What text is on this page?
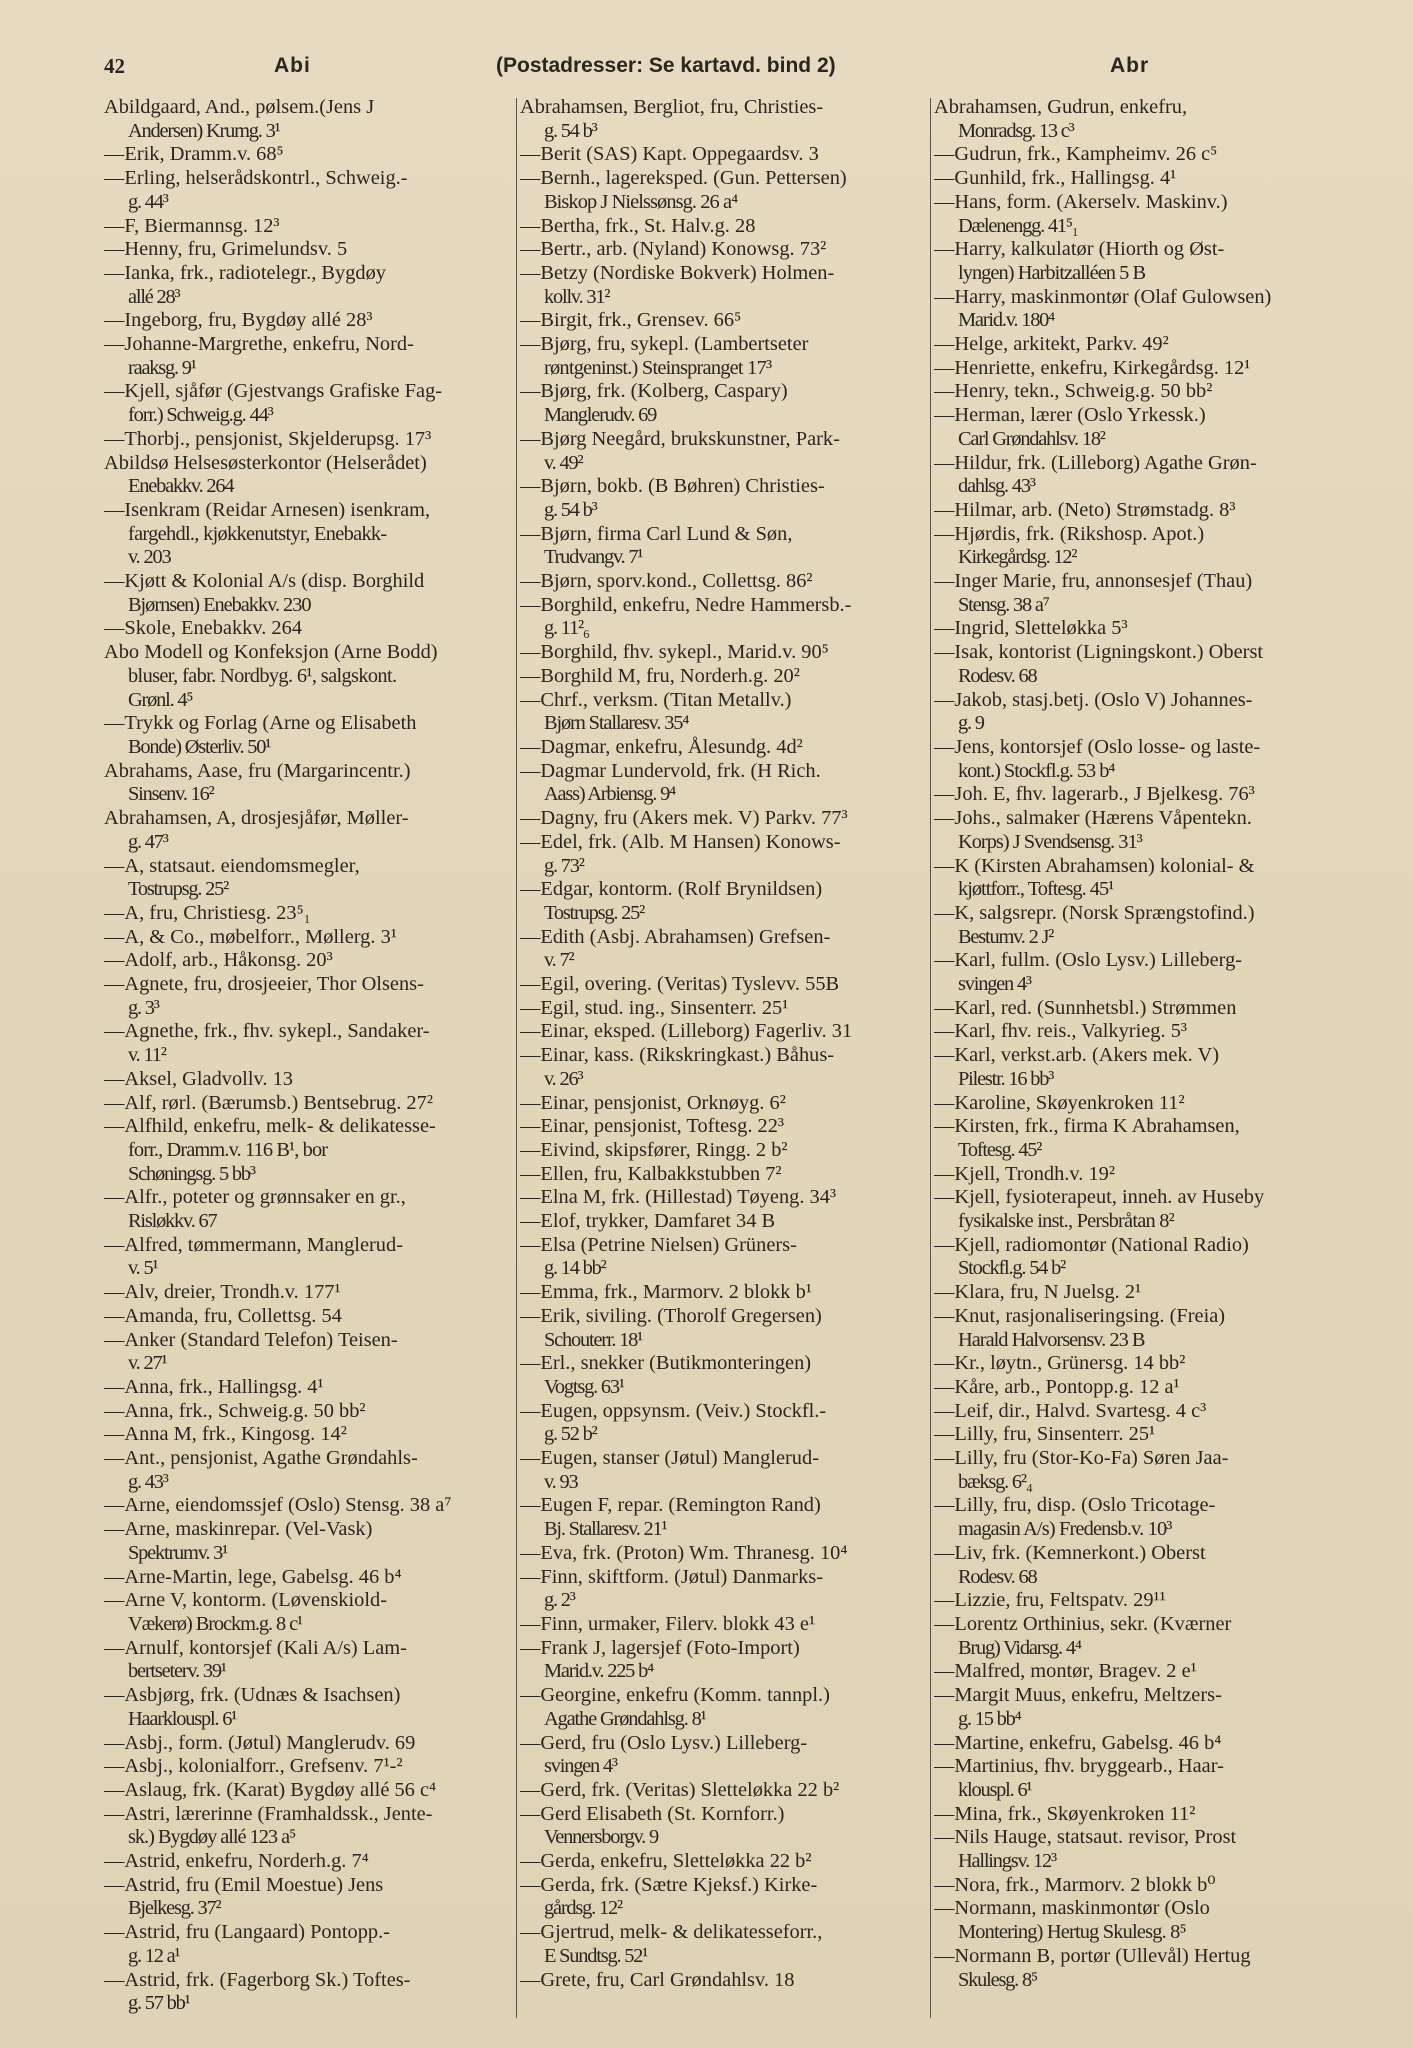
42	Abi	(Postadresser: Se kartavd. bind 2)	Abr
Abildgaard, And., pølsem.(Jens J
Andersen) Krumg. 3¹
—Erik, Dramm.v. 68⁵
—Erling, helserådskontrl., Schweig.-
g. 44³
—F, Biermannsg. 12³
—Henny, fru, Grimelundsv. 5
—Ianka, frk., radiotelegr., Bygdøy
allé 28³
—Ingeborg, fru, Bygdøy allé 28³
—Johanne-Margrethe, enkefru, Nord-
raaksg. 9¹
—Kjell, sjåfør (Gjestvangs Grafiske Fag-
forr.) Schweig.g. 44³
—Thorbj., pensjonist, Skjelderupsg. 17³
Abildsø Helsesøsterkontor (Helserådet)
Enebakkv. 264
—Isenkram (Reidar Arnesen) isenkram,
fargehdl., kjøkkenutstyr, Enebakk-
v. 203
—Kjøtt & Kolonial A/s (disp. Borghild
Bjørnsen) Enebakkv. 230
—Skole, Enebakkv. 264
Abo Modell og Konfeksjon (Arne Bodd)
bluser, fabr. Nordbyg. 6¹, salgskont.
Grønl. 4⁵
—Trykk og Forlag (Arne og Elisabeth
Bonde) Østerliv. 50¹
Abrahams, Aase, fru (Margarincentr.)
Sinsenv. 16²
Abrahamsen, A, drosjesjåfør, Møller-
g. 47³
—A, statsaut. eiendomsmegler,
Tostrupsg. 25²
—A, fru, Christiesg. 23⁵₁
—A, & Co., møbelforr., Møllerg. 3¹
—Adolf, arb., Håkonsg. 20³
—Agnete, fru, drosjeeier, Thor Olsens-
g. 3³
—Agnethe, frk., fhv. sykepl., Sandaker-
v. 11²
—Aksel, Gladvollv. 13
—Alf, rørl. (Bærumsb.) Bentsebrug. 27²
—Alfhild, enkefru, melk- & delikatesse-
forr., Dramm.v. 116 B¹, bor
Schøningsg. 5 bb³
—Alfr., poteter og grønnsaker en gr.,
Risløkkv. 67
—Alfred, tømmermann, Manglerud-
v. 5¹
—Alv, dreier, Trondh.v. 177¹
—Amanda, fru, Collettsg. 54
—Anker (Standard Telefon) Teisen-
v. 27¹
—Anna, frk., Hallingsg. 4¹
—Anna, frk., Schweig.g. 50 bb²
—Anna M, frk., Kingosg. 14²
—Ant., pensjonist, Agathe Grøndahls-
g. 43³
—Arne, eiendomssjef (Oslo) Stensg. 38 a⁷
—Arne, maskinrepar. (Vel-Vask)
Spektrumv. 3¹
—Arne-Martin, lege, Gabelsg. 46 b⁴
—Arne V, kontorm. (Løvenskiold-
Vækerø) Brockm.g. 8 c¹
—Arnulf, kontorsjef (Kali A/s) Lam-
bertseterv. 39¹
—Asbjørg, frk. (Udnæs & Isachsen)
Haarklouspl. 6¹
—Asbj., form. (Jøtul) Manglerudv. 69
—Asbj., kolonialforr., Grefsenv. 7¹-²
—Aslaug, frk. (Karat) Bygdøy allé 56 c⁴
—Astri, lærerinne (Framhaldssk., Jente-
sk.) Bygdøy allé 123 a⁵
—Astrid, enkefru, Norderh.g. 7⁴
—Astrid, fru (Emil Moestue) Jens
Bjelkesg. 37²
—Astrid, fru (Langaard) Pontopp.-
g. 12 a¹
—Astrid, frk. (Fagerborg Sk.) Toftes-
g. 57 bb¹
Abrahamsen, Bergliot, fru, Christies-
g. 54 b³
—Berit (SAS) Kapt. Oppegaardsv. 3
—Bernh., lagereksped. (Gun. Pettersen)
Biskop J Nielssønsg. 26 a⁴
—Bertha, frk., St. Halv.g. 28
—Bertr., arb. (Nyland) Konowsg. 73²
—Betzy (Nordiske Bokverk) Holmen-
kollv. 31²
—Birgit, frk., Grensev. 66⁵
—Bjørg, fru, sykepl. (Lambertseter
røntgeninst.) Steinspranget 17³
—Bjørg, frk. (Kolberg, Caspary)
Manglerudv. 69
—Bjørg Neegård, brukskunstner, Park-
v. 49²
—Bjørn, bokb. (B Bøhren) Christies-
g. 54 b³
—Bjørn, firma Carl Lund & Søn,
Trudvangv. 7¹
—Bjørn, sporv.kond., Collettsg. 86²
—Borghild, enkefru, Nedre Hammersb.-
g. 11²₆
—Borghild, fhv. sykepl., Marid.v. 90⁵
—Borghild M, fru, Norderh.g. 20²
—Chrf., verksm. (Titan Metallv.)
Bjørn Stallaresv. 35⁴
—Dagmar, enkefru, Ålesundg. 4d²
—Dagmar Lundervold, frk. (H Rich.
Aass) Arbiensg. 9⁴
—Dagny, fru (Akers mek. V) Parkv. 77³
—Edel, frk. (Alb. M Hansen) Konows-
g. 73²
—Edgar, kontorm. (Rolf Brynildsen)
Tostrupsg. 25²
—Edith (Asbj. Abrahamsen) Grefsen-
v. 7²
—Egil, overing. (Veritas) Tyslevv. 55B
—Egil, stud. ing., Sinsenterr. 25¹
—Einar, eksped. (Lilleborg) Fagerliv. 31
—Einar, kass. (Rikskringkast.) Båhus-
v. 26³
—Einar, pensjonist, Orknøyg. 6²
—Einar, pensjonist, Toftesg. 22³
—Eivind, skipsfører, Ringg. 2 b²
—Ellen, fru, Kalbakkstubben 7²
—Elna M, frk. (Hillestad) Tøyeng. 34³
—Elof, trykker, Damfaret 34 B
—Elsa (Petrine Nielsen) Grüners-
g. 14 bb²
—Emma, frk., Marmorv. 2 blokk b¹
—Erik, siviling. (Thorolf Gregersen)
Schouterr. 18¹
—Erl., snekker (Butikmonteringen)
Vogtsg. 63¹
—Eugen, oppsynsm. (Veiv.) Stockfl.-
g. 52 b²
—Eugen, stanser (Jøtul) Manglerud-
v. 93
—Eugen F, repar. (Remington Rand)
Bj. Stallaresv. 21¹
—Eva, frk. (Proton) Wm. Thranesg. 10⁴
—Finn, skiftform. (Jøtul) Danmarks-
g. 2³
—Finn, urmaker, Filerv. blokk 43 e¹
—Frank J, lagersjef (Foto-Import)
Marid.v. 225 b⁴
—Georgine, enkefru (Komm. tannpl.)
Agathe Grøndahlsg. 8¹
—Gerd, fru (Oslo Lysv.) Lilleberg-
svingen 4³
—Gerd, frk. (Veritas) Sletteløkka 22 b²
—Gerd Elisabeth (St. Kornforr.)
Vennersborgv. 9
—Gerda, enkefru, Sletteløkka 22 b²
—Gerda, frk. (Sætre Kjeksf.) Kirke-
gårdsg. 12²
—Gjertrud, melk- & delikatesseforr.,
E Sundtsg. 52¹
—Grete, fru, Carl Grøndahlsv. 18
Abrahamsen, Gudrun, enkefru,
Monradsg. 13 c³
—Gudrun, frk., Kampheimv. 26 c⁵
—Gunhild, frk., Hallingsg. 4¹
—Hans, form. (Akerselv. Maskinv.)
Dælenengg. 41⁵₁
—Harry, kalkulatør (Hiorth og Øst-
lyngen) Harbitzalléen 5 B
—Harry, maskinmontør (Olaf Gulowsen)
Marid.v. 180⁴
—Helge, arkitekt, Parkv. 49²
—Henriette, enkefru, Kirkegårdsg. 12¹
—Henry, tekn., Schweig.g. 50 bb²
—Herman, lærer (Oslo Yrkessk.)
Carl Grøndahlsv. 18²
—Hildur, frk. (Lilleborg) Agathe Grøn-
dahlsg. 43³
—Hilmar, arb. (Neto) Strømstadg. 8³
—Hjørdis, frk. (Rikshosp. Apot.)
Kirkegårdsg. 12²
—Inger Marie, fru, annonsesjef (Thau)
Stensg. 38 a⁷
—Ingrid, Sletteløkka 5³
—Isak, kontorist (Ligningskont.) Oberst
Rodesv. 68
—Jakob, stasj.betj. (Oslo V) Johannes-
g. 9
—Jens, kontorsjef (Oslo losse- og laste-
kont.) Stockfl.g. 53 b⁴
—Joh. E, fhv. lagerarb., J Bjelkesg. 76³
—Johs., salmaker (Hærens Våpentekn.
Korps) J Svendsensg. 31³
—K (Kirsten Abrahamsen) kolonial- &
kjøttforr., Toftesg. 45¹
—K, salgsrepr. (Norsk Sprængstofind.)
Bestumv. 2 J²
—Karl, fullm. (Oslo Lysv.) Lilleberg-
svingen 4³
—Karl, red. (Sunnhetsbl.) Strømmen
—Karl, fhv. reis., Valkyrieg. 5³
—Karl, verkst.arb. (Akers mek. V)
Pilestr. 16 bb³
—Karoline, Skøyenkroken 11²
—Kirsten, frk., firma K Abrahamsen,
Toftesg. 45²
—Kjell, Trondh.v. 19²
—Kjell, fysioterapeut, inneh. av Huseby
fysikalske inst., Persbråtan 8²
—Kjell, radiomontør (National Radio)
Stockfl.g. 54 b²
—Klara, fru, N Juelsg. 2¹
—Knut, rasjonaliseringsing. (Freia)
Harald Halvorsensv. 23 B
—Kr., løytn., Grünersg. 14 bb²
—Kåre, arb., Pontopp.g. 12 a¹
—Leif, dir., Halvd. Svartesg. 4 c³
—Lilly, fru, Sinsenterr. 25¹
—Lilly, fru (Stor-Ko-Fa) Søren Jaa-
bæksg. 6²₄
—Lilly, fru, disp. (Oslo Tricotage-
magasin A/s) Fredensb.v. 10³
—Liv, frk. (Kemnerkont.) Oberst
Rodesv. 68
—Lizzie, fru, Feltspatv. 29¹¹
—Lorentz Orthinius, sekr. (Kværner
Brug) Vidarsg. 4⁴
—Malfred, montør, Bragev. 2 e¹
—Margit Muus, enkefru, Meltzers-
g. 15 bb⁴
—Martine, enkefru, Gabelsg. 46 b⁴
—Martinius, fhv. bryggearb., Haar-
klouspl. 6¹
—Mina, frk., Skøyenkroken 11²
—Nils Hauge, statsaut. revisor, Prost
Hallingsv. 12³
—Nora, frk., Marmorv. 2 blokk b⁰
—Normann, maskinmontør (Oslo
Montering) Hertug Skulesg. 8⁵
—Normann B, portør (Ullevål) Hertug
Skulesg. 8⁵
